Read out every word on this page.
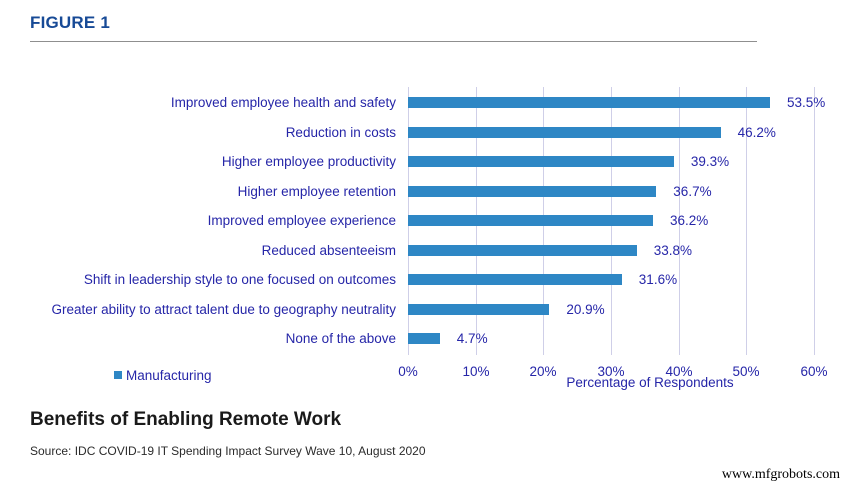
FIGURE 1
Improved employee health and safety	53.5%
Reduction in costs	46.2%
Higher employee productivity	39.3%
Higher employee retention	36.7%
Improved employee experience	36.2%
Reduced absenteeism	33.8%
Shift in leadership style to one focused on outcomes	31.6%
Greater ability to attract talent due to geography neutrality	20.9%
None of the above	4.7%
0%	10%	20%	30%	40%	50%	60%
Percentage of Respondents
Manufacturing
Benefits of Enabling Remote Work
Source: IDC COVID-19 IT Spending Impact Survey Wave 10, August 2020
www.mfgrobots.com
